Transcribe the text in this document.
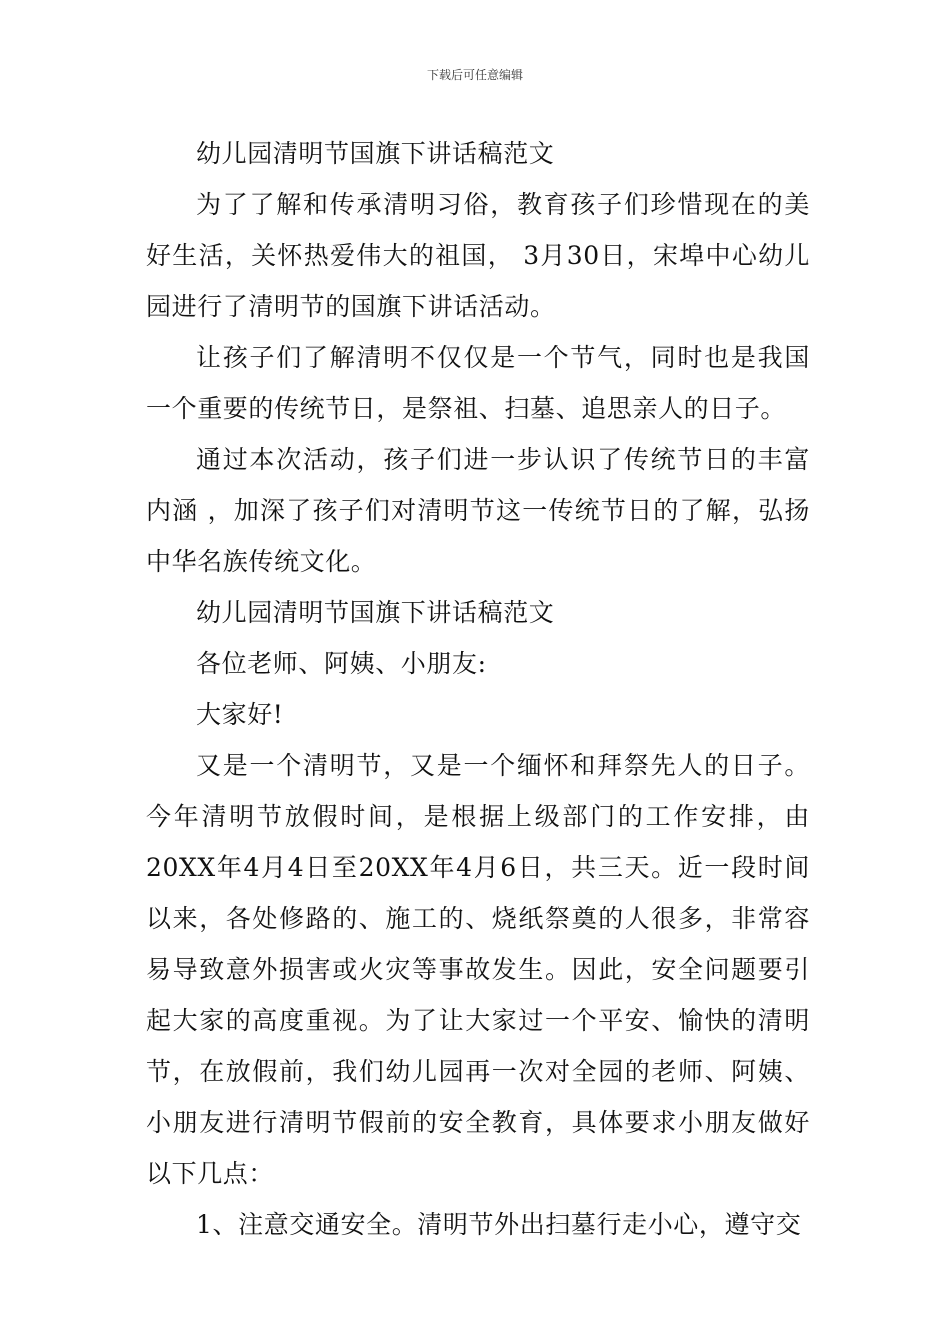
下载后可任意编辑

幼儿园清明节国旗下讲话稿范文

为了了解和传承清明习俗，教育孩子们珍惜现在的美好生活，关怀热爱伟大的祖国， 3月30日，宋埠中心幼儿园进行了清明节的国旗下讲话活动。

让孩子们了解清明不仅仅是一个节气，同时也是我国一个重要的传统节日，是祭祖、扫墓、追思亲人的日子。

通过本次活动，孩子们进一步认识了传统节日的丰富内涵 ，加深了孩子们对清明节这一传统节日的了解，弘扬中华名族传统文化。

幼儿园清明节国旗下讲话稿范文

各位老师、阿姨、小朋友:

大家好!

又是一个清明节，又是一个缅怀和拜祭先人的日子。今年清明节放假时间，是根据上级部门的工作安排，由20XX年4月4日至20XX年4月6日，共三天。近一段时间以来，各处修路的、施工的、烧纸祭奠的人很多，非常容易导致意外损害或火灾等事故发生。因此，安全问题要引起大家的高度重视。为了让大家过一个平安、愉快的清明节，在放假前，我们幼儿园再一次对全园的老师、阿姨、小朋友进行清明节假前的安全教育，具体要求小朋友做好以下几点：

1、注意交通安全。清明节外出扫墓行走小心，遵守交
